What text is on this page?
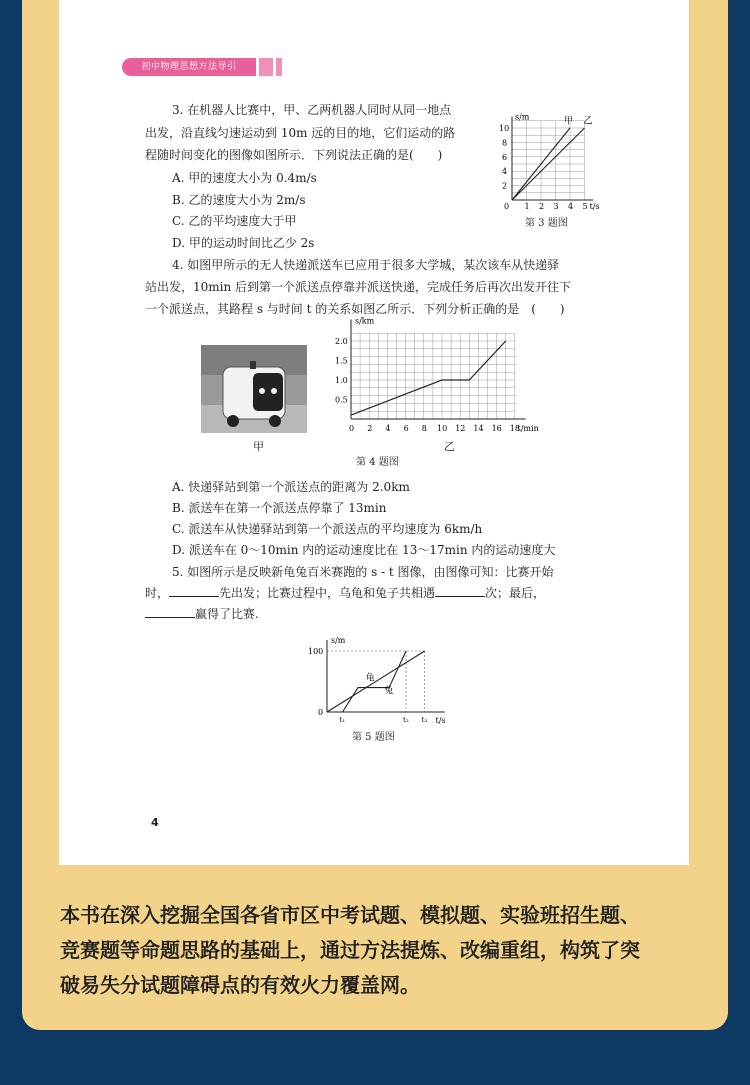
初中物理思想方法导引
3. 在机器人比赛中，甲、乙两机器人同时从同一地点
出发，沿直线匀速运动到 10m 远的目的地，它们运动的路
程随时间变化的图像如图所示．下列说法正确的是(　　)
A. 甲的速度大小为 0.4m/s
B. 乙的速度大小为 2m/s
C. 乙的平均速度大于甲
D. 甲的运动时间比乙少 2s
s/m
t/s
0 1 2 3 4 5
2
4
6
8
10
甲 乙
第 3 题图
4. 如图甲所示的无人快递派送车已应用于很多大学城，某次该车从快递驿
站出发，10min 后到第一个派送点停靠并派送快递，完成任务后再次出发开往下
一个派送点，其路程 s 与时间 t 的关系如图乙所示．下列分析正确的是　(　　)
甲
s/km
t/min
0 2 4 6 8 10 12 14 16 18
0.5
1.0
1.5
2.0
乙
第 4 题图
A. 快递驿站到第一个派送点的距离为 2.0km
B. 派送车在第一个派送点停靠了 13min
C. 派送车从快递驿站到第一个派送点的平均速度为 6km/h
D. 派送车在 0～10min 内的运动速度比在 13～17min 内的运动速度大
5. 如图所示是反映新龟兔百米赛跑的 s - t 图像，由图像可知：比赛开始
时，	先出发；比赛过程中，乌龟和兔子共相遇	次；最后，
赢得了比赛.
s/m
t/s
100
0
t₁	t₂ t₃
龟
兔
第 5 题图
4
本书在深入挖掘全国各省市区中考试题、模拟题、实验班招生题、
竞赛题等命题思路的基础上，通过方法提炼、改编重组，构筑了突
破易失分试题障碍点的有效火力覆盖网。
